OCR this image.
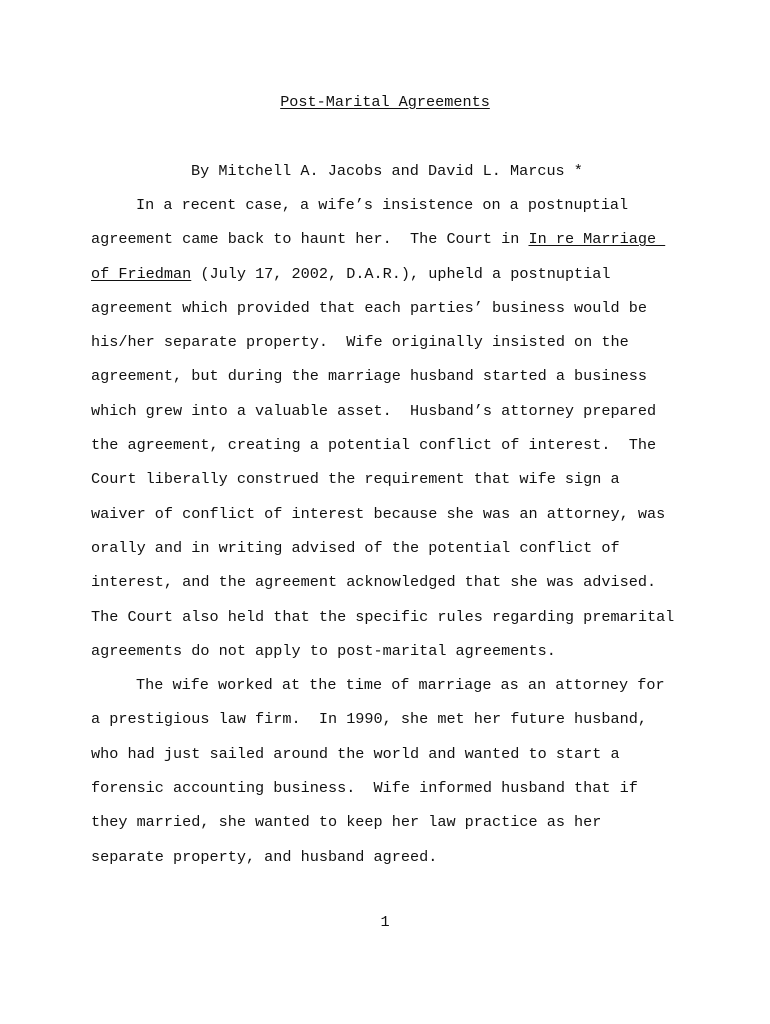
Post-Marital Agreements
By Mitchell A. Jacobs and David L. Marcus *
In a recent case, a wife’s insistence on a postnuptial
agreement came back to haunt her.  The Court in In re Marriage
of Friedman (July 17, 2002, D.A.R.), upheld a postnuptial
agreement which provided that each parties’ business would be
his/her separate property.  Wife originally insisted on the
agreement, but during the marriage husband started a business
which grew into a valuable asset.  Husband’s attorney prepared
the agreement, creating a potential conflict of interest.  The
Court liberally construed the requirement that wife sign a
waiver of conflict of interest because she was an attorney, was
orally and in writing advised of the potential conflict of
interest, and the agreement acknowledged that she was advised.
The Court also held that the specific rules regarding premarital
agreements do not apply to post-marital agreements.
The wife worked at the time of marriage as an attorney for
a prestigious law firm.  In 1990, she met her future husband,
who had just sailed around the world and wanted to start a
forensic accounting business.  Wife informed husband that if
they married, she wanted to keep her law practice as her
separate property, and husband agreed.
1
